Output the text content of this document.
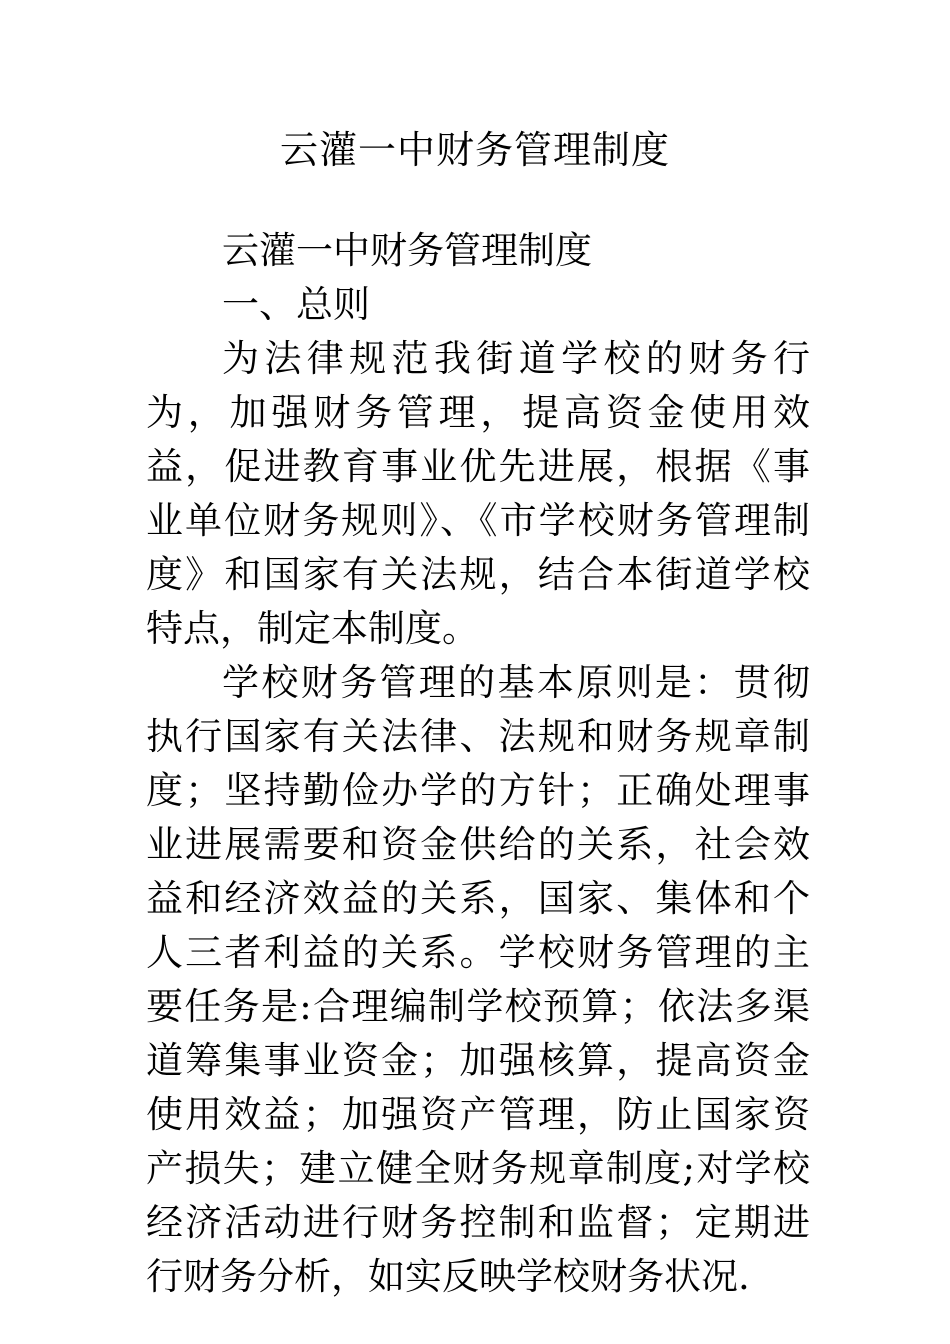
云灌一中财务管理制度

云灌一中财务管理制度

一、总则

为法律规范我街道学校的财务行为，加强财务管理，提高资金使用效益，促进教育事业优先进展，根据《事业单位财务规则》、《市学校财务管理制度》和国家有关法规，结合本街道学校特点，制定本制度。

学校财务管理的基本原则是：贯彻执行国家有关法律、法规和财务规章制度；坚持勤俭办学的方针；正确处理事业进展需要和资金供给的关系，社会效益和经济效益的关系，国家、集体和个人三者利益的关系。学校财务管理的主要任务是:合理编制学校预算；依法多渠道筹集事业资金；加强核算，提高资金使用效益；加强资产管理，防止国家资产损失；建立健全财务规章制度;对学校经济活动进行财务控制和监督；定期进行财务分析，如实反映学校财务状况.
